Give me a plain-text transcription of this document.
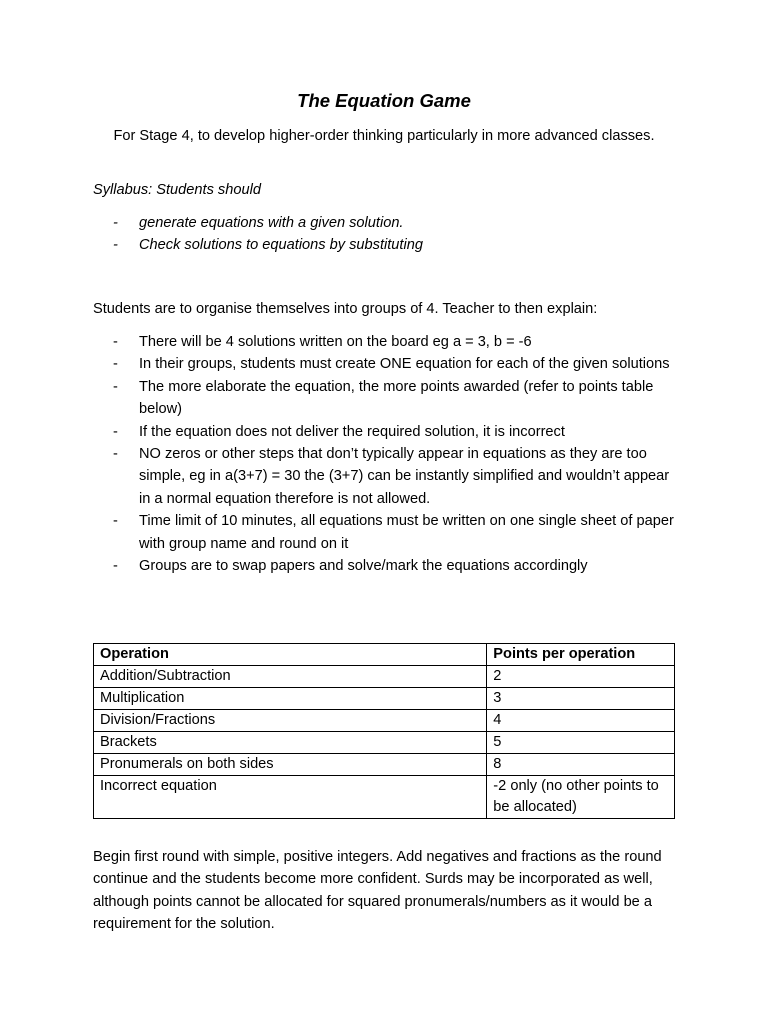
The Equation Game
For Stage 4, to develop higher-order thinking particularly in more advanced classes.
Syllabus: Students should
- generate equations with a given solution.
- Check solutions to equations by substituting
Students are to organise themselves into groups of 4. Teacher to then explain:
- There will be 4 solutions written on the board eg a = 3, b = -6
- In their groups, students must create ONE equation for each of the given solutions
- The more elaborate the equation, the more points awarded (refer to points table below)
- If the equation does not deliver the required solution, it is incorrect
- NO zeros or other steps that don’t typically appear in equations as they are too simple, eg in a(3+7) = 30 the (3+7) can be instantly simplified and wouldn’t appear in a normal equation therefore is not allowed.
- Time limit of 10 minutes, all equations must be written on one single sheet of paper with group name and round on it
- Groups are to swap papers and solve/mark the equations accordingly
Operation	Points per operation
Addition/Subtraction	2
Multiplication	3
Division/Fractions	4
Brackets	5
Pronumerals on both sides	8
Incorrect equation	-2 only (no other points to be allocated)
Begin first round with simple, positive integers. Add negatives and fractions as the round continue and the students become more confident. Surds may be incorporated as well, although points cannot be allocated for squared pronumerals/numbers as it would be a requirement for the solution.
